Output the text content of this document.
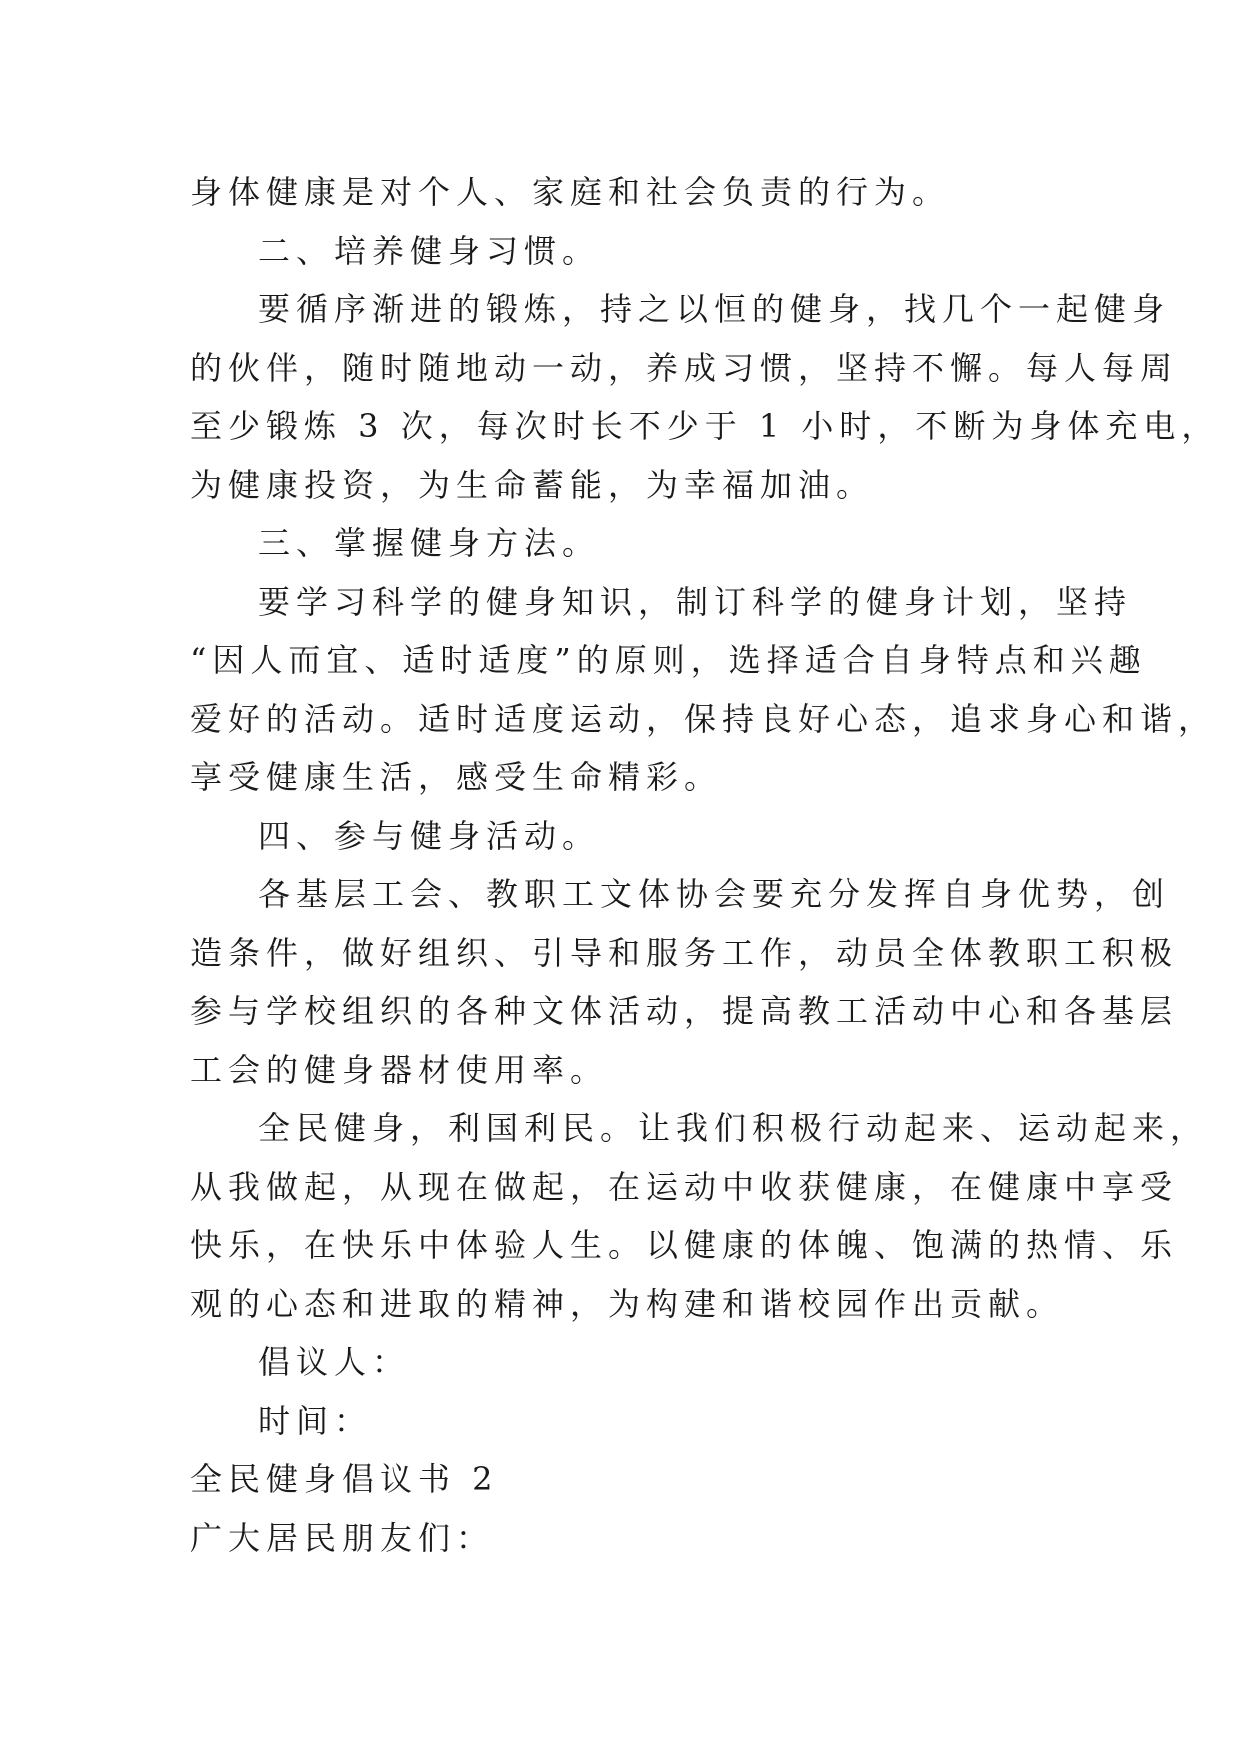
身体健康是对个人、家庭和社会负责的行为。
二、培养健身习惯。
要循序渐进的锻炼，持之以恒的健身，找几个一起健身
的伙伴，随时随地动一动，养成习惯，坚持不懈。每人每周
至少锻炼 3 次，每次时长不少于 1 小时，不断为身体充电，
为健康投资，为生命蓄能，为幸福加油。
三、掌握健身方法。
要学习科学的健身知识，制订科学的健身计划，坚持
“因人而宜、适时适度”的原则，选择适合自身特点和兴趣
爱好的活动。适时适度运动，保持良好心态，追求身心和谐，
享受健康生活，感受生命精彩。
四、参与健身活动。
各基层工会、教职工文体协会要充分发挥自身优势，创
造条件，做好组织、引导和服务工作，动员全体教职工积极
参与学校组织的各种文体活动，提高教工活动中心和各基层
工会的健身器材使用率。
全民健身，利国利民。让我们积极行动起来、运动起来，
从我做起，从现在做起，在运动中收获健康，在健康中享受
快乐，在快乐中体验人生。以健康的体魄、饱满的热情、乐
观的心态和进取的精神，为构建和谐校园作出贡献。
倡议人：
时间：
全民健身倡议书 2
广大居民朋友们：
